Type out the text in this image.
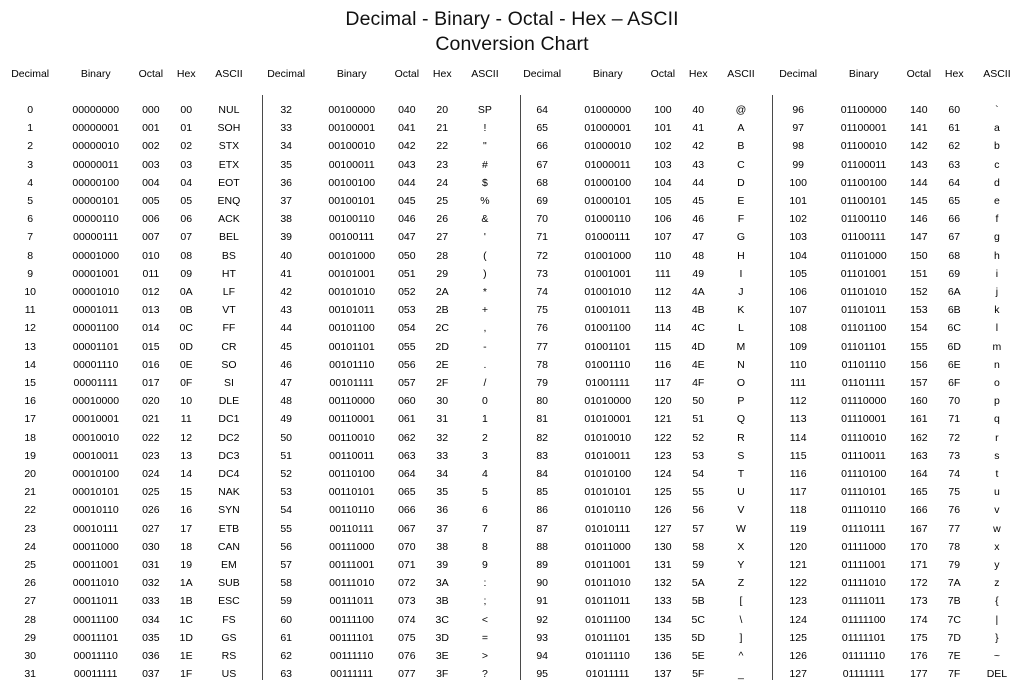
Decimal - Binary - Octal - Hex – ASCII
Conversion Chart
Decimal	Binary	Octal	Hex	ASCII
0	00000000	000	00	NUL
1	00000001	001	01	SOH
2	00000010	002	02	STX
3	00000011	003	03	ETX
4	00000100	004	04	EOT
5	00000101	005	05	ENQ
6	00000110	006	06	ACK
7	00000111	007	07	BEL
8	00001000	010	08	BS
9	00001001	011	09	HT
10	00001010	012	0A	LF
11	00001011	013	0B	VT
12	00001100	014	0C	FF
13	00001101	015	0D	CR
14	00001110	016	0E	SO
15	00001111	017	0F	SI
16	00010000	020	10	DLE
17	00010001	021	11	DC1
18	00010010	022	12	DC2
19	00010011	023	13	DC3
20	00010100	024	14	DC4
21	00010101	025	15	NAK
22	00010110	026	16	SYN
23	00010111	027	17	ETB
24	00011000	030	18	CAN
25	00011001	031	19	EM
26	00011010	032	1A	SUB
27	00011011	033	1B	ESC
28	00011100	034	1C	FS
29	00011101	035	1D	GS
30	00011110	036	1E	RS
31	00011111	037	1F	US
Decimal	Binary	Octal	Hex	ASCII
32	00100000	040	20	SP
33	00100001	041	21	!
34	00100010	042	22	"
35	00100011	043	23	#
36	00100100	044	24	$
37	00100101	045	25	%
38	00100110	046	26	&
39	00100111	047	27	'
40	00101000	050	28	(
41	00101001	051	29	)
42	00101010	052	2A	*
43	00101011	053	2B	+
44	00101100	054	2C	,
45	00101101	055	2D	-
46	00101110	056	2E	.
47	00101111	057	2F	/
48	00110000	060	30	0
49	00110001	061	31	1
50	00110010	062	32	2
51	00110011	063	33	3
52	00110100	064	34	4
53	00110101	065	35	5
54	00110110	066	36	6
55	00110111	067	37	7
56	00111000	070	38	8
57	00111001	071	39	9
58	00111010	072	3A	:
59	00111011	073	3B	;
60	00111100	074	3C	<
61	00111101	075	3D	=
62	00111110	076	3E	>
63	00111111	077	3F	?
Decimal	Binary	Octal	Hex	ASCII
64	01000000	100	40	@
65	01000001	101	41	A
66	01000010	102	42	B
67	01000011	103	43	C
68	01000100	104	44	D
69	01000101	105	45	E
70	01000110	106	46	F
71	01000111	107	47	G
72	01001000	110	48	H
73	01001001	111	49	I
74	01001010	112	4A	J
75	01001011	113	4B	K
76	01001100	114	4C	L
77	01001101	115	4D	M
78	01001110	116	4E	N
79	01001111	117	4F	O
80	01010000	120	50	P
81	01010001	121	51	Q
82	01010010	122	52	R
83	01010011	123	53	S
84	01010100	124	54	T
85	01010101	125	55	U
86	01010110	126	56	V
87	01010111	127	57	W
88	01011000	130	58	X
89	01011001	131	59	Y
90	01011010	132	5A	Z
91	01011011	133	5B	[
92	01011100	134	5C	\
93	01011101	135	5D	]
94	01011110	136	5E	^
95	01011111	137	5F	_
Decimal	Binary	Octal	Hex	ASCII
96	01100000	140	60	`
97	01100001	141	61	a
98	01100010	142	62	b
99	01100011	143	63	c
100	01100100	144	64	d
101	01100101	145	65	e
102	01100110	146	66	f
103	01100111	147	67	g
104	01101000	150	68	h
105	01101001	151	69	i
106	01101010	152	6A	j
107	01101011	153	6B	k
108	01101100	154	6C	l
109	01101101	155	6D	m
110	01101110	156	6E	n
111	01101111	157	6F	o
112	01110000	160	70	p
113	01110001	161	71	q
114	01110010	162	72	r
115	01110011	163	73	s
116	01110100	164	74	t
117	01110101	165	75	u
118	01110110	166	76	v
119	01110111	167	77	w
120	01111000	170	78	x
121	01111001	171	79	y
122	01111010	172	7A	z
123	01111011	173	7B	{
124	01111100	174	7C	|
125	01111101	175	7D	}
126	01111110	176	7E	~
127	01111111	177	7F	DEL
